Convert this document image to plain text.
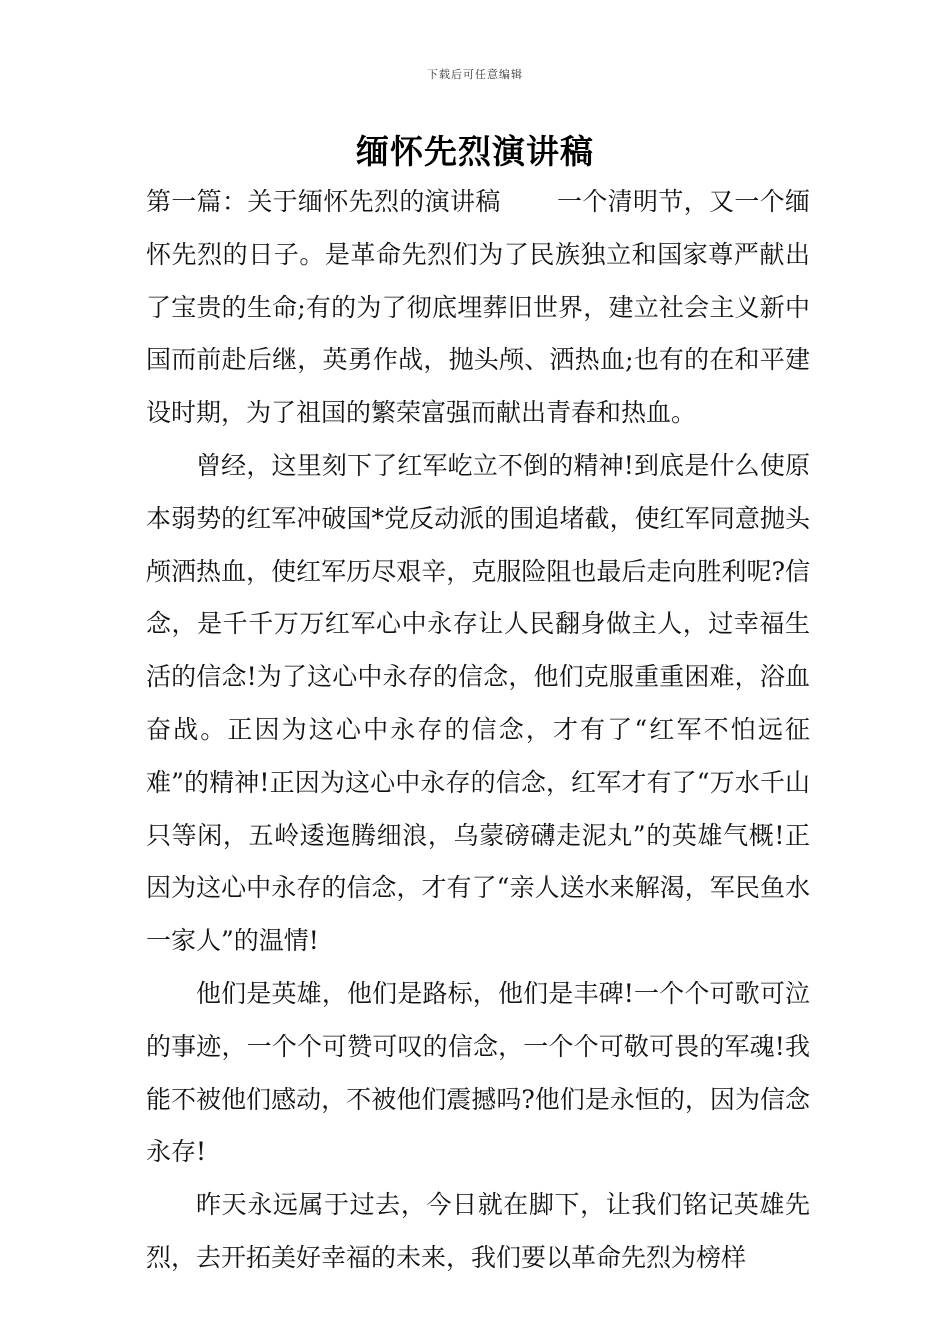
下载后可任意编辑
缅怀先烈演讲稿

第一篇：关于缅怀先烈的演讲稿 一个清明节，又一个缅怀先烈的日子。是革命先烈们为了民族独立和国家尊严献出了宝贵的生命;有的为了彻底埋葬旧世界，建立社会主义新中国而前赴后继，英勇作战，抛头颅、洒热血;也有的在和平建设时期，为了祖国的繁荣富强而献出青春和热血。

曾经，这里刻下了红军屹立不倒的精神!到底是什么使原本弱势的红军冲破国*党反动派的围追堵截，使红军同意抛头颅洒热血，使红军历尽艰辛，克服险阻也最后走向胜利呢?信念，是千千万万红军心中永存让人民翻身做主人，过幸福生活的信念!为了这心中永存的信念，他们克服重重困难，浴血奋战。正因为这心中永存的信念，才有了“红军不怕远征难”的精神!正因为这心中永存的信念，红军才有了“万水千山只等闲，五岭逶迤腾细浪，乌蒙磅礴走泥丸”的英雄气概!正因为这心中永存的信念，才有了“亲人送水来解渴，军民鱼水一家人”的温情!

他们是英雄，他们是路标，他们是丰碑!一个个可歌可泣的事迹，一个个可赞可叹的信念，一个个可敬可畏的军魂!我能不被他们感动，不被他们震撼吗?他们是永恒的，因为信念永存!

昨天永远属于过去，今日就在脚下，让我们铭记英雄先烈，去开拓美好幸福的未来，我们要以革命先烈为榜样
